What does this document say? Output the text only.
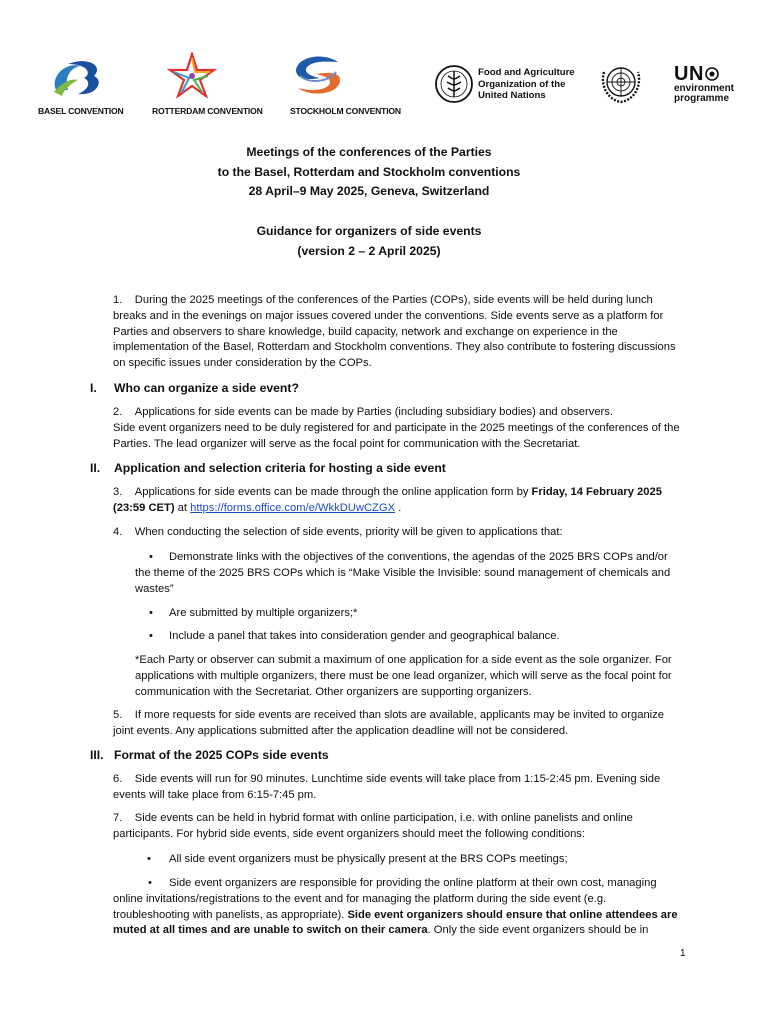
BASEL CONVENTION	ROTTERDAM CONVENTION	STOCKHOLM CONVENTION
Food and Agriculture
Organization of the
United Nations
UN
environment
programme
Meetings of the conferences of the Parties
to the Basel, Rotterdam and Stockholm conventions
28 April–9 May 2025, Geneva, Switzerland
Guidance for organizers of side events
(version 2 – 2 April 2025)

1.    During the 2025 meetings of the conferences of the Parties (COPs), side events will be held during lunch breaks and in the evenings on major issues covered under the conventions. Side events serve as a platform for Parties and observers to share knowledge, build capacity, network and exchange on experience in the implementation of the Basel, Rotterdam and Stockholm conventions. They also contribute to fostering discussions on specific issues under consideration by the COPs.

I. Who can organize a side event?

2.    Applications for side events can be made by Parties (including subsidiary bodies) and observers.

Side event organizers need to be duly registered for and participate in the 2025 meetings of the conferences of the Parties. The lead organizer will serve as the focal point for communication with the Secretariat.

II. Application and selection criteria for hosting a side event

3.    Applications for side events can be made through the online application form by Friday, 14 February 2025 (23:59 CET) at https://forms.office.com/e/WkkDUwCZGX .

4.    When conducting the selection of side events, priority will be given to applications that:

•	Demonstrate links with the objectives of the conventions, the agendas of the 2025 BRS COPs and/or the theme of the 2025 BRS COPs which is “Make Visible the Invisible: sound management of chemicals and wastes”
•	Are submitted by multiple organizers;*
•	Include a panel that takes into consideration gender and geographical balance.

*Each Party or observer can submit a maximum of one application for a side event as the sole organizer. For applications with multiple organizers, there must be one lead organizer, which will serve as the focal point for communication with the Secretariat. Other organizers are supporting organizers.

5.    If more requests for side events are received than slots are available, applicants may be invited to organize joint events. Any applications submitted after the application deadline will not be considered.

III. Format of the 2025 COPs side events

6.    Side events will run for 90 minutes. Lunchtime side events will take place from 1:15-2:45 pm. Evening side events will take place from 6:15-7:45 pm.

7.    Side events can be held in hybrid format with online participation, i.e. with online panelists and online participants. For hybrid side events, side event organizers should meet the following conditions:

•	All side event organizers must be physically present at the BRS COPs meetings;
•	Side event organizers are responsible for providing the online platform at their own cost, managing online invitations/registrations to the event and for managing the platform during the side event (e.g. troubleshooting with panelists, as appropriate). Side event organizers should ensure that online attendees are muted at all times and are unable to switch on their camera. Only the side event organizers should be in
1
